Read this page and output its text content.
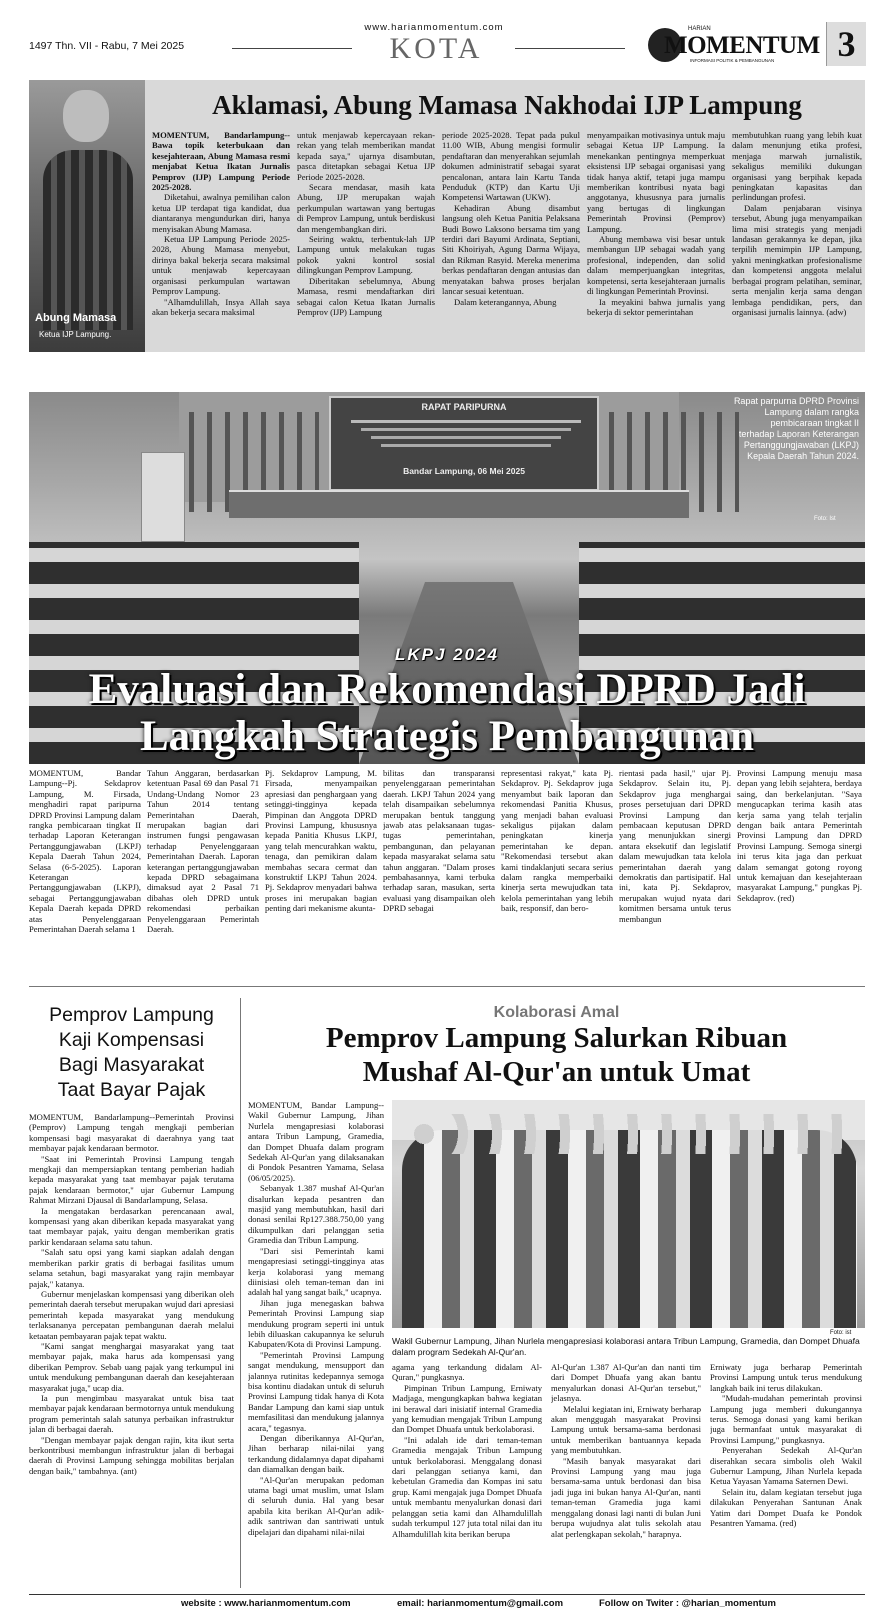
1497 Thn. VII - Rabu, 7 Mei 2025
www.harianmomentum.com
KOTA
HARIAN
MOMENTUM
INFORMASI POLITIK & PEMBANGUNAN 3
Abung Mamasa
Ketua IJP Lampung.
Aklamasi, Abung Mamasa Nakhodai IJP Lampung

MOMENTUM, Bandarlampung--Bawa topik keterbukaan dan kesejahteraan, Abung Mamasa resmi menjabat Ketua Ikatan Jurnalis Pemprov (IJP) Lampung Periode 2025-2028.

Diketahui, awalnya pemilihan calon ketua IJP terdapat tiga kandidat, dua diantaranya mengundurkan diri, hanya menyisakan Abung Mamasa.

Ketua IJP Lampung Periode 2025-2028, Abung Mamasa menyebut, dirinya bakal bekerja secara maksimal untuk menjawab kepercayaan organisasi perkumpulan wartawan Pemprov Lampung.

"Alhamdulillah, Insya Allah saya akan bekerja secara maksimal

untuk menjawab kepercayaan rekan-rekan yang telah memberikan mandat kepada saya," ujarnya disambutan, pasca ditetapkan sebagai Ketua IJP Periode 2025-2028.

Secara mendasar, masih kata Abung, IJP merupakan wajah perkumpulan wartawan yang bertugas di Pemprov Lampung, untuk berdiskusi dan mengembangkan diri.

Seiring waktu, terbentuk-lah IJP Lampung untuk melakukan tugas pokok yakni kontrol sosial dilingkungan Pemprov Lampung.

Diberitakan sebelumnya, Abung Mamasa, resmi mendaftarkan diri sebagai calon Ketua Ikatan Jurnalis Pemprov (IJP) Lampung

periode 2025-2028. Tepat pada pukul 11.00 WIB, Abung mengisi formulir pendaftaran dan menyerahkan sejumlah dokumen administratif sebagai syarat pencalonan, antara lain Kartu Tanda Penduduk (KTP) dan Kartu Uji Kompetensi Wartawan (UKW).

Kehadiran Abung disambut langsung oleh Ketua Panitia Pelaksana Budi Bowo Laksono bersama tim yang terdiri dari Bayumi Ardinata, Septiani, Siti Khoiriyah, Agung Darma Wijaya, dan Rikman Rasyid. Mereka menerima berkas pendaftaran dengan antusias dan menyatakan bahwa proses berjalan lancar sesuai ketentuan.

Dalam keterangannya, Abung

menyampaikan motivasinya untuk maju sebagai Ketua IJP Lampung. Ia menekankan pentingnya memperkuat eksistensi IJP sebagai organisasi yang tidak hanya aktif, tetapi juga mampu memberikan kontribusi nyata bagi anggotanya, khususnya para jurnalis yang bertugas di lingkungan Pemerintah Provinsi (Pemprov) Lampung.

Abung membawa visi besar untuk membangun IJP sebagai wadah yang profesional, independen, dan solid dalam memperjuangkan integritas, kompetensi, serta kesejahteraan jurnalis di lingkungan Pemerintah Provinsi.

Ia meyakini bahwa jurnalis yang bekerja di sektor pemerintahan

membutuhkan ruang yang lebih kuat dalam menunjung etika profesi, menjaga marwah jurnalistik, sekaligus memiliki dukungan organisasi yang berpihak kepada peningkatan kapasitas dan perlindungan profesi.

Dalam penjabaran visinya tersebut, Abung juga menyampaikan lima misi strategis yang menjadi landasan gerakannya ke depan, jika terpilih memimpin IJP Lampung, yakni meningkatkan profesionalisme dan kompetensi anggota melalui berbagai program pelatihan, seminar, serta menjalin kerja sama dengan lembaga pendidikan, pers, dan organisasi jurnalis lainnya. (adw)

RAPAT PARIPURNA
Bandar Lampung, 06 Mei 2025
Rapat parpurna DPRD Provinsi Lampung dalam rangka pembicaraan tingkat II terhadap Laporan Keterangan Pertanggungjawaban (LKPJ) Kepala Daerah Tahun 2024.
Foto: Ist
LKPJ 2024
Evaluasi dan Rekomendasi DPRD Jadi
Langkah Strategis Pembangunan
MOMENTUM, Bandar Lampung--Pj. Sekdaprov Lampung, M. Firsada, menghadiri rapat paripurna DPRD Provinsi Lampung dalam rangka pembicaraan tingkat II terhadap Laporan Keterangan Pertanggungjawaban (LKPJ) Kepala Daerah Tahun 2024, Selasa (6-5-2025). Laporan Keterangan Pertanggungjawaban (LKPJ), sebagai Pertanggungjawaban Kepala Daerah kepada DPRD atas Penyelenggaraan Pemerintahan Daerah selama 1
Tahun Anggaran, berdasarkan ketentuan Pasal 69 dan Pasal 71 Undang-Undang Nomor 23 Tahun 2014 tentang Pemerintahan Daerah, merupakan bagian dari instrumen fungsi pengawasan terhadap Penyelenggaraan Pemerintahan Daerah. Laporan keterangan pertanggungjawaban kepada DPRD sebagaimana dimaksud ayat 2 Pasal 71 dibahas oleh DPRD untuk rekomendasi perbaikan Penyelenggaraan Pemerintah Daerah.
Pj. Sekdaprov Lampung, M. Firsada, menyampaikan apresiasi dan penghargaan yang setinggi-tingginya kepada Pimpinan dan Anggota DPRD Provinsi Lampung, khususnya kepada Panitia Khusus LKPJ, yang telah mencurahkan waktu, tenaga, dan pemikiran dalam membahas secara cermat dan konstruktif LKPJ Tahun 2024. Pj. Sekdaprov menyadari bahwa proses ini merupakan bagian penting dari mekanisme akunta-
bilitas dan transparansi penyelenggaraan pemerintahan daerah. LKPJ Tahun 2024 yang telah disampaikan sebelumnya merupakan bentuk tanggung jawab atas pelaksanaan tugas-tugas pemerintahan, pembangunan, dan pelayanan kepada masyarakat selama satu tahun anggaran. "Dalam proses pembahasannya, kami terbuka terhadap saran, masukan, serta evaluasi yang disampaikan oleh DPRD sebagai
representasi rakyat," kata Pj. Sekdaprov. Pj. Sekdaprov juga menyambut baik laporan dan rekomendasi Panitia Khusus, yang menjadi bahan evaluasi sekaligus pijakan dalam peningkatan kinerja pemerintahan ke depan. "Rekomendasi tersebut akan kami tindaklanjuti secara serius dalam rangka memperbaiki kinerja serta mewujudkan tata kelola pemerintahan yang lebih baik, responsif, dan bero-
rientasi pada hasil," ujar Pj. Sekdaprov. Selain itu, Pj. Sekdaprov juga menghargai proses persetujuan dari DPRD Provinsi Lampung dan pembacaan keputusan DPRD yang menunjukkan sinergi antara eksekutif dan legislatif dalam mewujudkan tata kelola pemerintahan daerah yang demokratis dan partisipatif. Hal ini, kata Pj. Sekdaprov, merupakan wujud nyata dari komitmen bersama untuk terus membangun
Provinsi Lampung menuju masa depan yang lebih sejahtera, berdaya saing, dan berkelanjutan. "Saya mengucapkan terima kasih atas kerja sama yang telah terjalin dengan baik antara Pemerintah Provinsi Lampung dan DPRD Provinsi Lampung. Semoga sinergi ini terus kita jaga dan perkuat dalam semangat gotong royong untuk kemajuan dan kesejahteraan masyarakat Lampung," pungkas Pj. Sekdaprov. (red)
Pemprov Lampung
Kaji Kompensasi
Bagi Masyarakat
Taat Bayar Pajak

MOMENTUM, Bandarlampung--Pemerintah Provinsi (Pemprov) Lampung tengah mengkaji pemberian kompensasi bagi masyarakat di daerahnya yang taat membayar pajak kendaraan bermotor.

"Saat ini Pemerintah Provinsi Lampung tengah mengkaji dan mempersiapkan tentang pemberian hadiah kepada masyarakat yang taat membayar pajak terutama pajak kendaraan bermotor," ujar Gubernur Lampung Rahmat Mirzani Djausal di Bandarlampung, Selasa.

Ia mengatakan berdasarkan perencanaan awal, kompensasi yang akan diberikan kepada masyarakat yang taat membayar pajak, yaitu dengan memberikan gratis parkir kendaraan selama satu tahun.

"Salah satu opsi yang kami siapkan adalah dengan memberikan parkir gratis di berbagai fasilitas umum selama setahun, bagi masyarakat yang rajin membayar pajak," katanya.

Gubernur menjelaskan kompensasi yang diberikan oleh pemerintah daerah tersebut merupakan wujud dari apresiasi pemerintah kepada masyarakat yang mendukung terlaksananya percepatan pembangunan daerah melalui ketaatan pembayaran pajak tepat waktu.

"Kami sangat menghargai masyarakat yang taat membayar pajak, maka harus ada kompensasi yang diberikan Pemprov. Sebab uang pajak yang terkumpul ini untuk mendukung pembangunan daerah dan kesejahteraan masyarakat juga," ucap dia.

Ia pun mengimbau masyarakat untuk bisa taat membayar pajak kendaraan bermotornya untuk mendukung program pemerintah salah satunya perbaikan infrastruktur jalan di berbagai daerah.

"Dengan membayar pajak dengan rajin, kita ikut serta berkontribusi membangun infrastruktur jalan di berbagai daerah di Provinsi Lampung sehingga mobilitas berjalan dengan baik," tambahnya. (ant)

Kolaborasi Amal
Pemprov Lampung Salurkan Ribuan
Mushaf Al-Qur'an untuk Umat

MOMENTUM, Bandar Lampung--Wakil Gubernur Lampung, Jihan Nurlela mengapresiasi kolaborasi antara Tribun Lampung, Gramedia, dan Dompet Dhuafa dalam program Sedekah Al-Qur'an yang dilaksanakan di Pondok Pesantren Yamama, Selasa (06/05/2025).

Sebanyak 1.387 mushaf Al-Qur'an disalurkan kepada pesantren dan masjid yang membutuhkan, hasil dari donasi senilai Rp127.388.750,00 yang dikumpulkan dari pelanggan setia Gramedia dan Tribun Lampung.

"Dari sisi Pemerintah kami mengapresiasi setinggi-tingginya atas kerja kolaborasi yang memang diinisiasi oleh teman-teman dan ini adalah hal yang sangat baik," ucapnya.

Jihan juga menegaskan bahwa Pemerintah Provinsi Lampung siap mendukung program seperti ini untuk lebih diluaskan cakupannya ke seluruh Kabupaten/Kota di Provinsi Lampung.

"Pemerintah Provinsi Lampung sangat mendukung, mensupport dan jalannya rutinitas kedepannya semoga bisa kontinu diadakan untuk di seluruh Provinsi Lampung tidak hanya di Kota Bandar Lampung dan kami siap untuk memfasilitasi dan mendukung jalannya acara," tegasnya.

Dengan diberikannya Al-Qur'an, Jihan berharap nilai-nilai yang terkandung didalamnya dapat dipahami dan diamalkan dengan baik.

"Al-Qur'an merupakan pedoman utama bagi umat muslim, umat Islam di seluruh dunia. Hal yang besar apabila kita berikan Al-Qur'an adik-adik santriwan dan santriwati untuk dipelajari dan dipahami nilai-nilai

Foto: ist
Wakil Gubernur Lampung, Jihan Nurlela mengapresiasi kolaborasi antara Tribun Lampung, Gramedia, dan Dompet Dhuafa dalam program Sedekah Al-Qur'an.

agama yang terkandung didalam Al-Quran," pungkasnya.

Pimpinan Tribun Lampung, Erniwaty Madjaga, mengungkapkan bahwa kegiatan ini berawal dari inisiatif internal Gramedia yang kemudian mengajak Tribun Lampung dan Dompet Dhuafa untuk berkolaborasi.

"Ini adalah ide dari teman-teman Gramedia mengajak Tribun Lampung untuk berkolaborasi. Menggalang donasi dari pelanggan setianya kami, dan kebetulan Gramedia dan Kompas ini satu grup. Kami mengajak juga Dompet Dhuafa untuk membantu menyalurkan donasi dari pelanggan setia kami dan Alhamdulillah sudah terkumpul 127 juta total nilai dan itu Alhamdulillah kita berikan berupa

Al-Qur'an 1.387 Al-Qur'an dan nanti tim dari Dompet Dhuafa yang akan bantu menyalurkan donasi Al-Qur'an tersebut," jelasnya.

Melalui kegiatan ini, Erniwaty berharap akan menggugah masyarakat Provinsi Lampung untuk bersama-sama berdonasi untuk memberikan bantuannya kepada yang membutuhkan.

"Masih banyak masyarakat dari Provinsi Lampung yang mau juga bersama-sama untuk berdonasi dan bisa jadi juga ini bukan hanya Al-Qur'an, nanti teman-teman Gramedia juga kami menggalang donasi lagi nanti di bulan Juni berupa wujudnya alat tulis sekolah atau alat perlengkapan sekolah," harapnya.

Erniwaty juga berharap Pemerintah Provinsi Lampung untuk terus mendukung langkah baik ini terus dilakukan.

"Mudah-mudahan pemerintah provinsi Lampung juga memberi dukungannya terus. Semoga donasi yang kami berikan juga bermanfaat untuk masyarakat di Provinsi Lampung," pungkasnya.

Penyerahan Sedekah Al-Qur'an diserahkan secara simbolis oleh Wakil Gubernur Lampung, Jihan Nurlela kepada Ketua Yayasan Yamama Saternen Dewi.

Selain itu, dalam kegiatan tersebut juga dilakukan Penyerahan Santunan Anak Yatim dari Dompet Duafa ke Pondok Pesantren Yamama. (red)

website : www.harianmomentum.com	email: harianmomentum@gmail.com	Follow on Twiter : @harian_momentum
